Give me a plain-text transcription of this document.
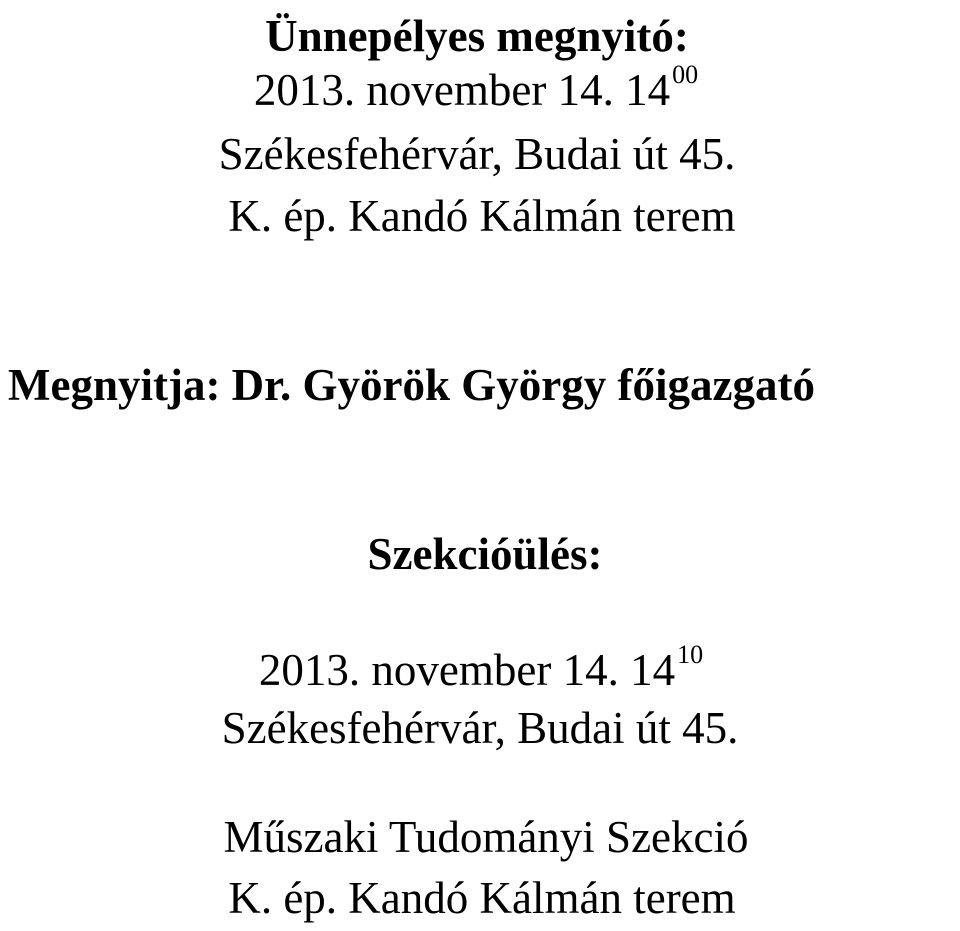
Ünnepélyes megnyitó:
2013. november 14. $14^{00}$
Székesfehérvár, Budai út 45.
K. ép. Kandó Kálmán terem
Megnyitja: Dr. Györök György főigazgató
Szekcióülés:
2013. november 14. $14^{10}$
Székesfehérvár, Budai út 45.
Műszaki Tudományi Szekció
K. ép. Kandó Kálmán terem
